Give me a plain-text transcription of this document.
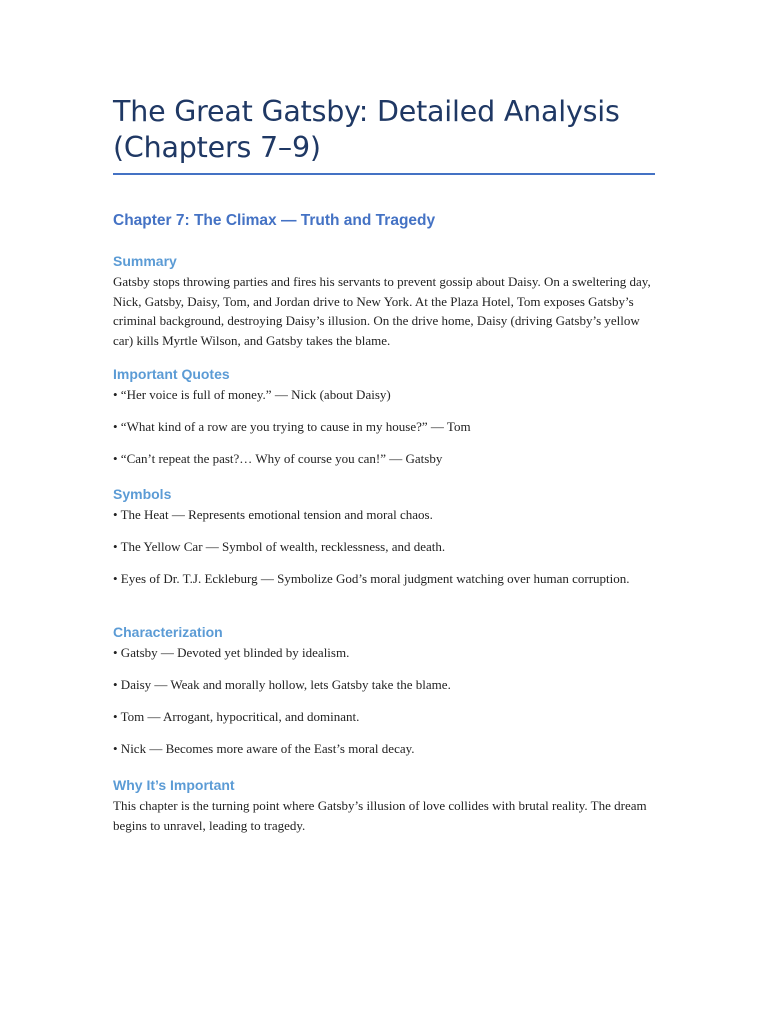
The Great Gatsby: Detailed Analysis
(Chapters 7–9)
Chapter 7: The Climax — Truth and Tragedy
Summary

Gatsby stops throwing parties and fires his servants to prevent gossip about Daisy. On a sweltering day, Nick, Gatsby, Daisy, Tom, and Jordan drive to New York. At the Plaza Hotel, Tom exposes Gatsby’s criminal background, destroying Daisy’s illusion. On the drive home, Daisy (driving Gatsby’s yellow car) kills Myrtle Wilson, and Gatsby takes the blame.

Important Quotes

• “Her voice is full of money.” — Nick (about Daisy)

• “What kind of a row are you trying to cause in my house?” — Tom

• “Can’t repeat the past?… Why of course you can!” — Gatsby

Symbols

• The Heat — Represents emotional tension and moral chaos.

• The Yellow Car — Symbol of wealth, recklessness, and death.

• Eyes of Dr. T.J. Eckleburg — Symbolize God’s moral judgment watching over human corruption.

Characterization

• Gatsby — Devoted yet blinded by idealism.

• Daisy — Weak and morally hollow, lets Gatsby take the blame.

• Tom — Arrogant, hypocritical, and dominant.

• Nick — Becomes more aware of the East’s moral decay.

Why It’s Important

This chapter is the turning point where Gatsby’s illusion of love collides with brutal reality. The dream begins to unravel, leading to tragedy.
